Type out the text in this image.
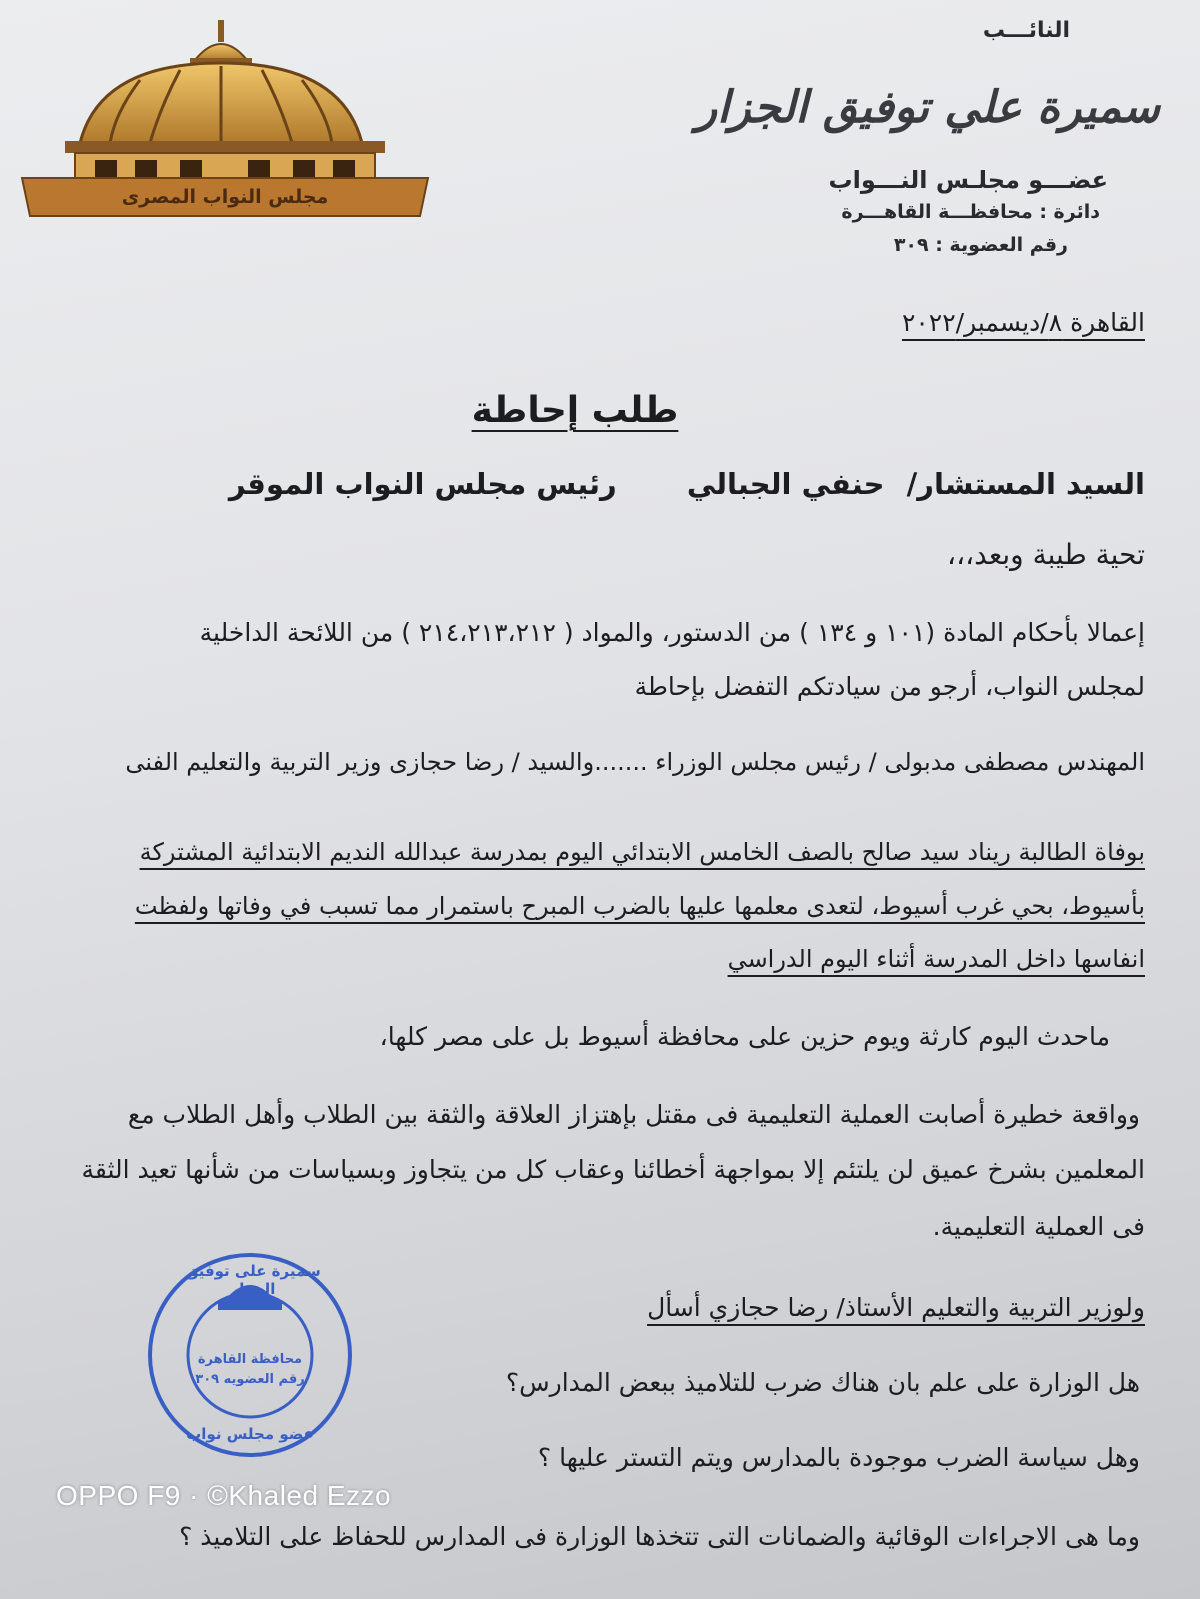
مجلس النواب المصرى
النائـــب
سميرة علي توفيق الجزار
عضـــو مجلـس النـــواب
دائرة : محافظـــة القاهـــرة
رقم العضوية : ٣٠٩
القاهرة ٨/ديسمبر/٢٠٢٢
طلب إحاطة
السيد المستشار/ حنفي الجبالي رئيس مجلس النواب الموقر
تحية طيبة وبعد،،،
إعمالا بأحكام المادة (١٠١ و ١٣٤ ) من الدستور، والمواد ( ٢١٤،٢١٣،٢١٢ ) من اللائحة الداخلية
لمجلس النواب، أرجو من سيادتكم التفضل بإحاطة
المهندس مصطفى مدبولى / رئيس مجلس الوزراء .......والسيد / رضا حجازى وزير التربية والتعليم الفنى
بوفاة الطالبة ريناد سيد صالح بالصف الخامس الابتدائي اليوم بمدرسة عبدالله النديم الابتدائية المشتركة
بأسيوط، بحي غرب أسيوط، لتعدى معلمها عليها بالضرب المبرح باستمرار مما تسبب في وفاتها ولفظت
انفاسها داخل المدرسة أثناء اليوم الدراسي
ماحدث اليوم كارثة ويوم حزين على محافظة أسيوط بل على مصر كلها،
وواقعة خطيرة أصابت العملية التعليمية فى مقتل بإهتزاز العلاقة والثقة بين الطلاب وأهل الطلاب مع
المعلمين بشرخ عميق لن يلتئم إلا بمواجهة أخطائنا وعقاب كل من يتجاوز وبسياسات من شأنها تعيد الثقة
فى العملية التعليمية.
ولوزير التربية والتعليم الأستاذ/ رضا حجازي أسأل
هل الوزارة على علم بان هناك ضرب للتلاميذ ببعض المدارس؟
وهل سياسة الضرب موجودة بالمدارس ويتم التستر عليها ؟
وما هى الاجراءات الوقائية والضمانات التى تتخذها الوزارة فى المدارس للحفاظ على التلاميذ ؟
سميرة على توفيق الجزار
محافظة القاهرة
رقم العضويه ٣٠٩
عضو مجلس نواب
OPPO F9 · ©Khaled Ezzo
